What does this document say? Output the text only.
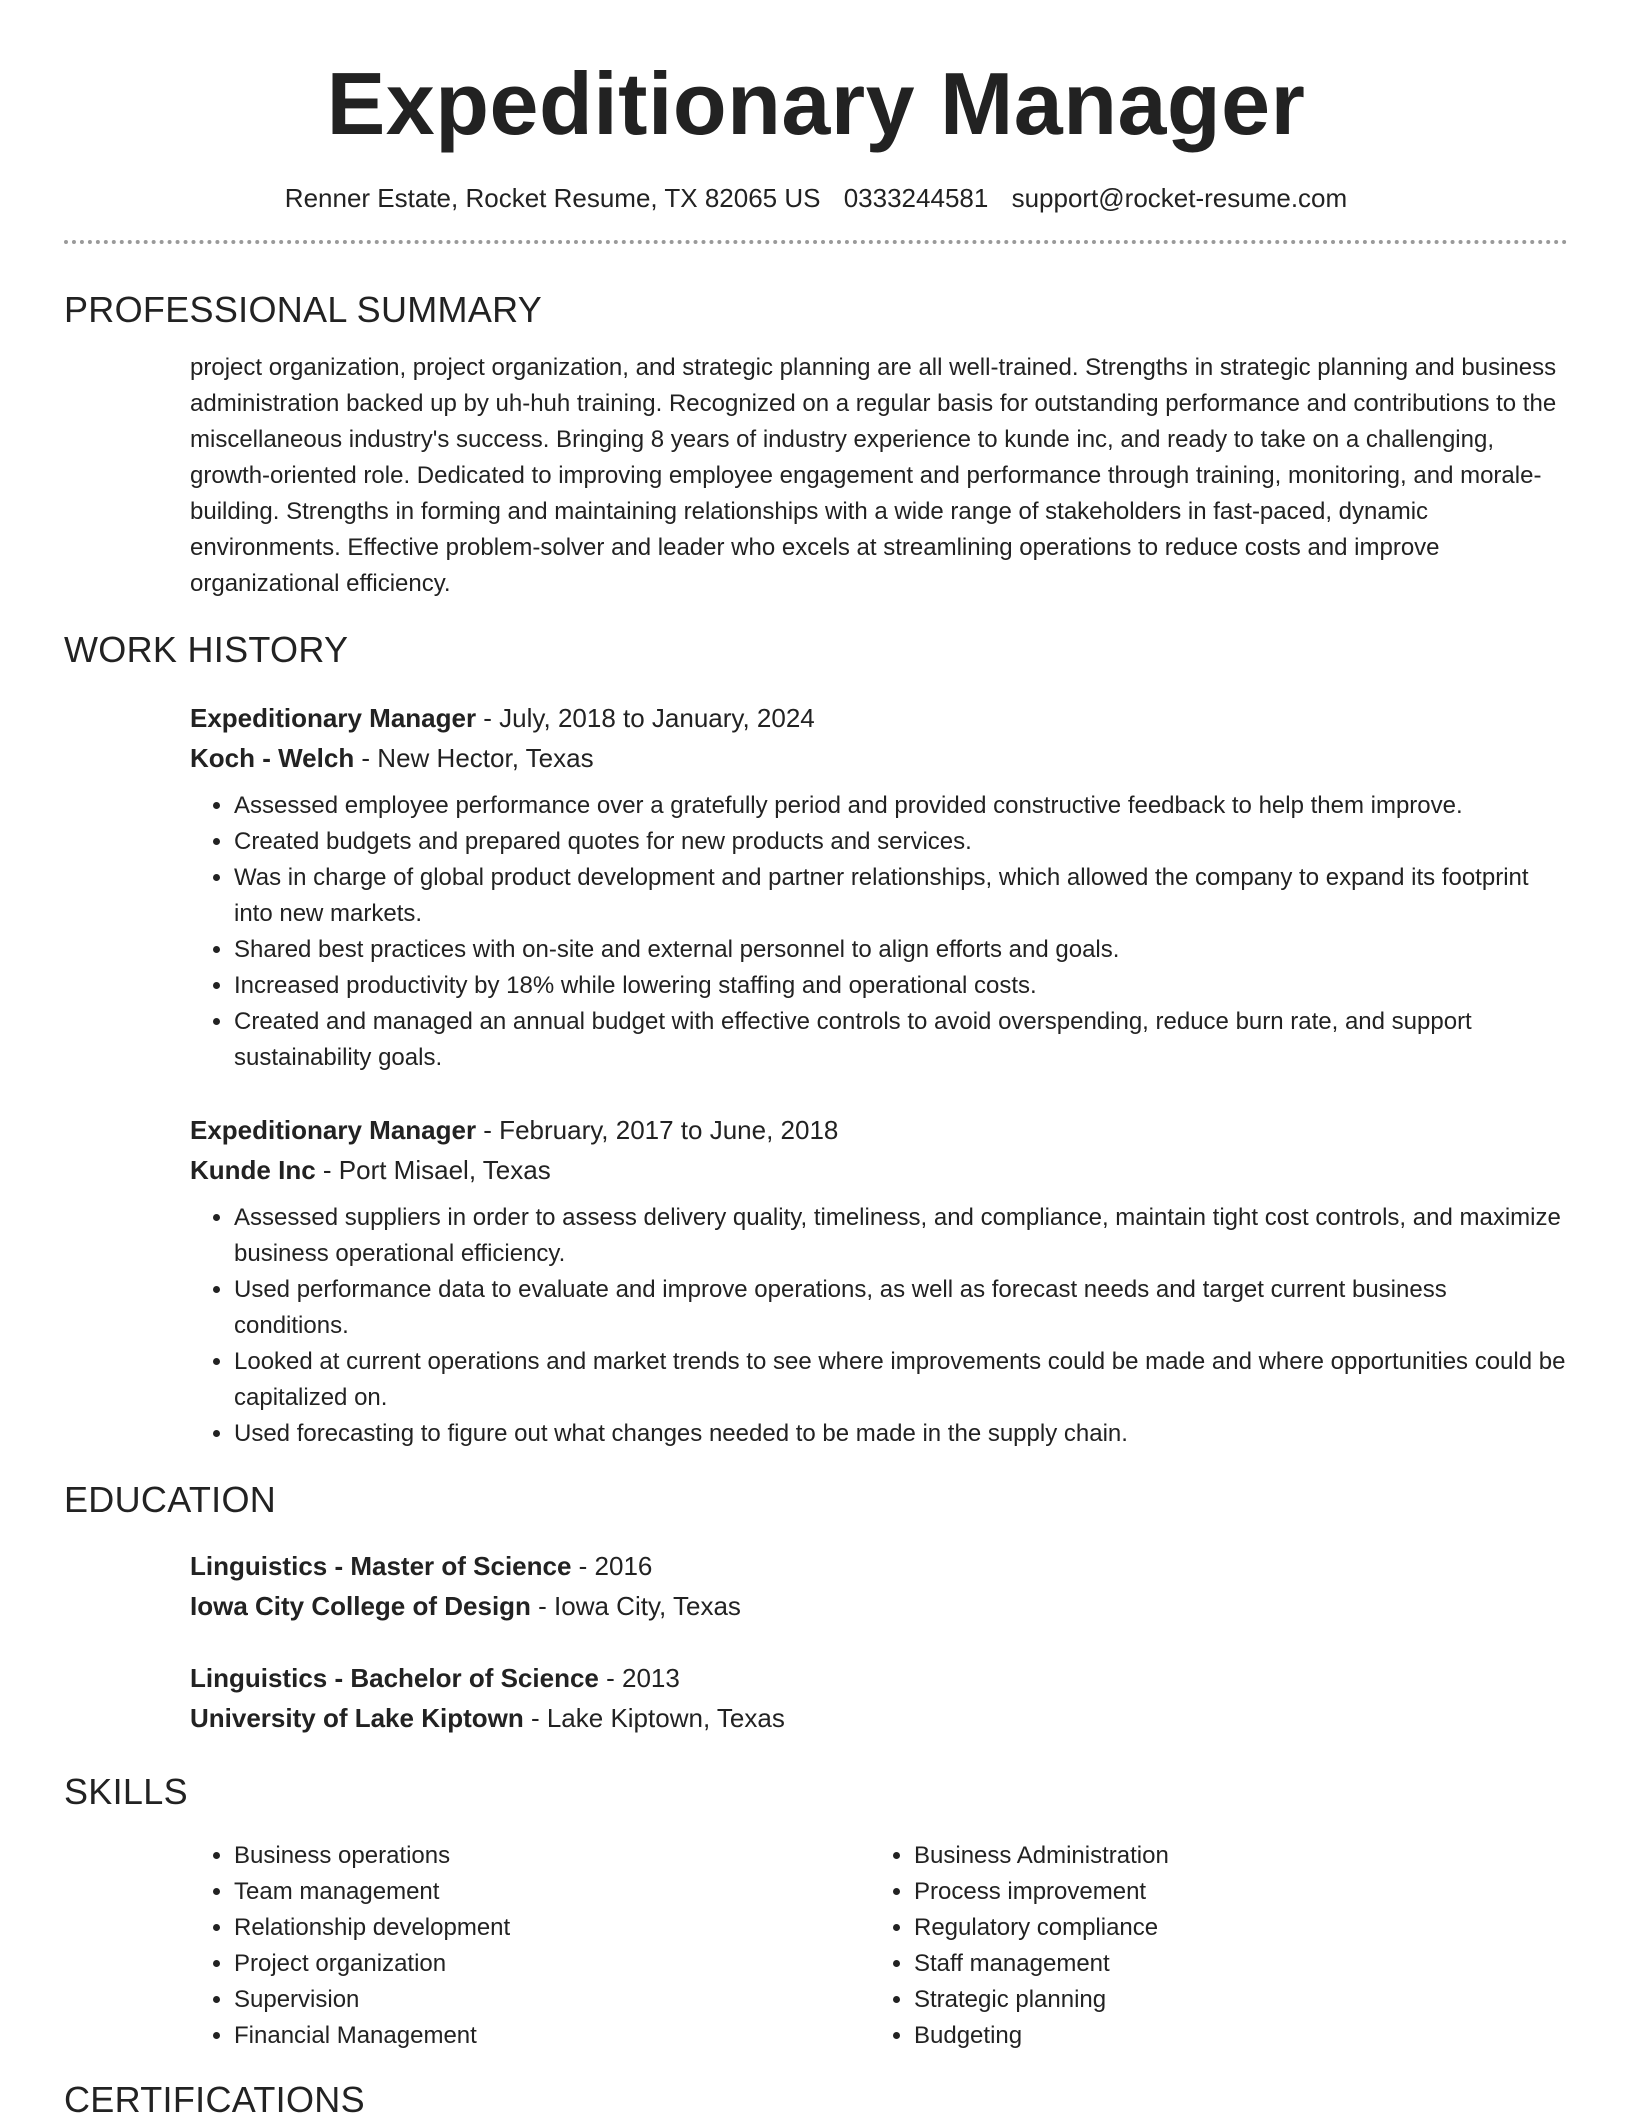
Expeditionary Manager
Renner Estate, Rocket Resume, TX 82065 US 0333244581 support@rocket-resume.com
PROFESSIONAL SUMMARY
project organization, project organization, and strategic planning are all well-trained. Strengths in strategic planning and business administration backed up by uh-huh training. Recognized on a regular basis for outstanding performance and contributions to the miscellaneous industry's success. Bringing 8 years of industry experience to kunde inc, and ready to take on a challenging, growth-oriented role. Dedicated to improving employee engagement and performance through training, monitoring, and morale-building. Strengths in forming and maintaining relationships with a wide range of stakeholders in fast-paced, dynamic environments. Effective problem-solver and leader who excels at streamlining operations to reduce costs and improve organizational efficiency.
WORK HISTORY
Expeditionary Manager - July, 2018 to January, 2024
Koch - Welch - New Hector, Texas
• Assessed employee performance over a gratefully period and provided constructive feedback to help them improve.
• Created budgets and prepared quotes for new products and services.
• Was in charge of global product development and partner relationships, which allowed the company to expand its footprint into new markets.
• Shared best practices with on-site and external personnel to align efforts and goals.
• Increased productivity by 18% while lowering staffing and operational costs.
• Created and managed an annual budget with effective controls to avoid overspending, reduce burn rate, and support sustainability goals.
Expeditionary Manager - February, 2017 to June, 2018
Kunde Inc - Port Misael, Texas
• Assessed suppliers in order to assess delivery quality, timeliness, and compliance, maintain tight cost controls, and maximize business operational efficiency.
• Used performance data to evaluate and improve operations, as well as forecast needs and target current business conditions.
• Looked at current operations and market trends to see where improvements could be made and where opportunities could be capitalized on.
• Used forecasting to figure out what changes needed to be made in the supply chain.
EDUCATION
Linguistics - Master of Science - 2016
Iowa City College of Design - Iowa City, Texas
Linguistics - Bachelor of Science - 2013
University of Lake Kiptown - Lake Kiptown, Texas
SKILLS
• Business operations
• Team management
• Relationship development
• Project organization
• Supervision
• Financial Management
• Business Administration
• Process improvement
• Regulatory compliance
• Staff management
• Strategic planning
• Budgeting
CERTIFICATIONS
